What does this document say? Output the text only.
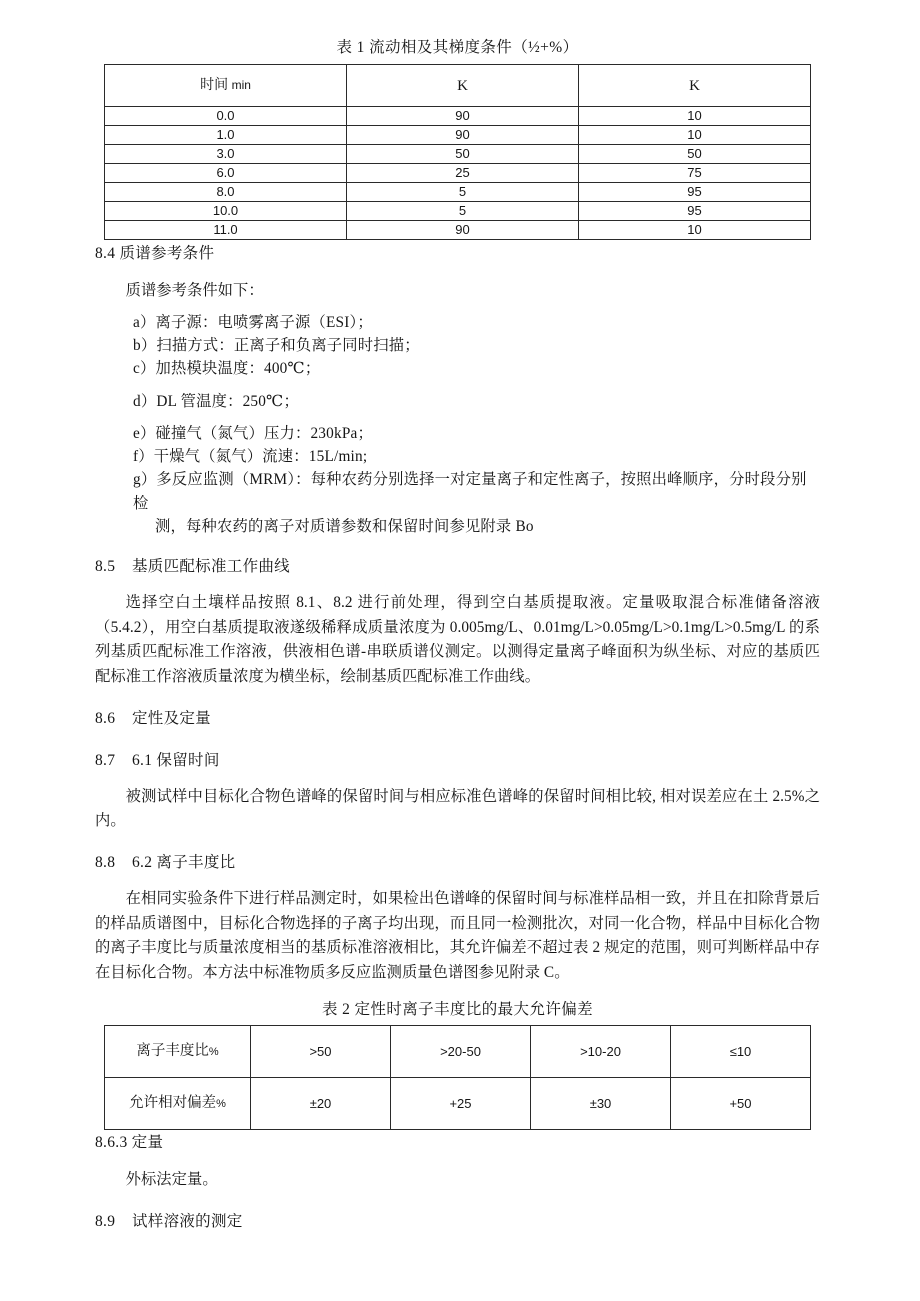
表 1 流动相及其梯度条件（½+%）
时间 min	K	K
0.0	90	10
1.0	90	10
3.0	50	50
6.0	25	75
8.0	5	95
10.0	5	95
11.0	90	10
8.4 质谱参考条件
质谱参考条件如下：
a）离子源：电喷雾离子源（ESI）；
b）扫描方式：正离子和负离子同时扫描；
c）加热模块温度：400℃；
d）DL 管温度：250℃；
e）碰撞气（氮气）压力：230kPa；
f）干燥气（氮气）流速：15L/min;
g）多反应监测（MRM）：每种农药分别选择一对定量离子和定性离子，按照出峰顺序，分时段分别检
测，每种农药的离子对质谱参数和保留时间参见附录 Bo
8.5    基质匹配标准工作曲线
选择空白土壤样品按照 8.1、8.2 进行前处理，得到空白基质提取液。定量吸取混合标准储备溶液（5.4.2），用空白基质提取液遂级稀释成质量浓度为 0.005mg/L、0.01mg/L>0.05mg/L>0.1mg/L>0.5mg/L 的系列基质匹配标准工作溶液，供液相色谱-串联质谱仪测定。以测得定量离子峰面积为纵坐标、对应的基质匹配标准工作溶液质量浓度为横坐标，绘制基质匹配标准工作曲线。
8.6    定性及定量
8.7    6.1 保留时间
被测试样中目标化合物色谱峰的保留时间与相应标准色谱峰的保留时间相比较, 相对误差应在土 2.5%之内。
8.8    6.2 离子丰度比
在相同实验条件下进行样品测定时，如果检出色谱峰的保留时间与标准样品相一致，并且在扣除背景后的样品质谱图中，目标化合物选择的子离子均出现，而且同一检测批次，对同一化合物，样品中目标化合物的离子丰度比与质量浓度相当的基质标准溶液相比，其允许偏差不超过表 2 规定的范围，则可判断样品中存在目标化合物。本方法中标准物质多反应监测质量色谱图参见附录 C。
表 2 定性时离子丰度比的最大允许偏差
离子丰度比%	>50	>20-50	>10-20	≤10
允许相对偏差%	±20	+25	±30	+50
8.6.3 定量
外标法定量。
8.9    试样溶液的测定
